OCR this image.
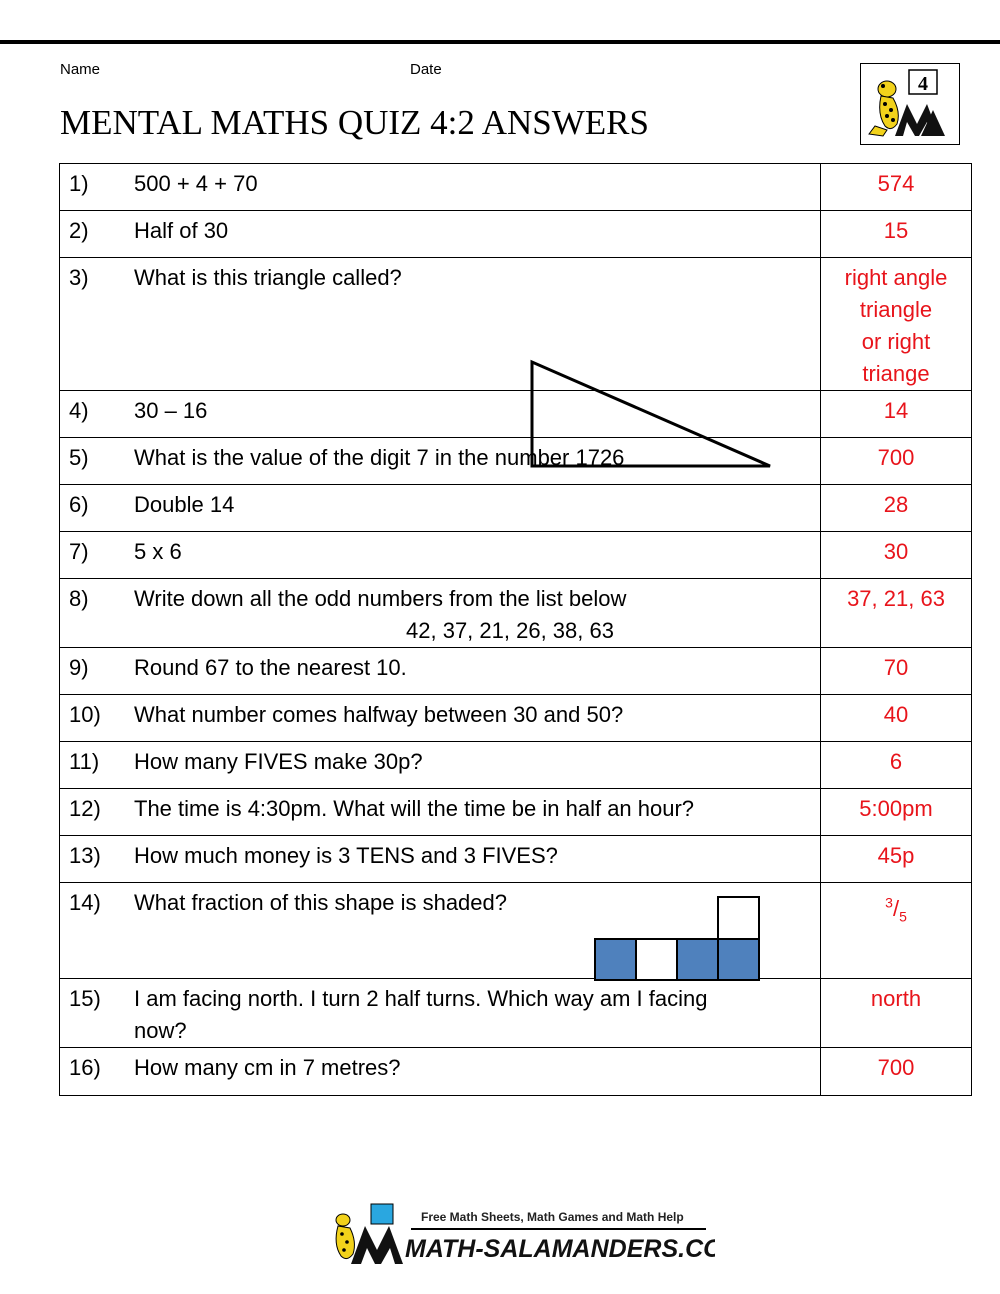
Name	Date
MENTAL MATHS QUIZ 4:2 ANSWERS
4
1) 500 + 4 + 70	574
2) Half of 30	15
3) What is this triangle called?	right angle
triangle
or right
triange

4) 30 – 16	14
5) What is the value of the digit 7 in the number 1726	700
6) Double 14	28
7) 5 x 6	30
8) Write down all the odd numbers from the list below
42, 37, 21, 26, 38, 63	37, 21, 63
9) Round 67 to the nearest 10.	70
10) What number comes halfway between 30 and 50?	40
11) How many FIVES make 30p?	6
12) The time is 4:30pm. What will the time be in half an hour?	5:00pm
13) How much money is 3 TENS and 3 FIVES?	45p
14) What fraction of this shape is shaded?	$^3/_5$
15) I am facing north. I turn 2 half turns. Which way am I facing
now?	north
16) How many cm in 7 metres?	700
Free Math Sheets, Math Games and Math Help
MATH-SALAMANDERS.COM
